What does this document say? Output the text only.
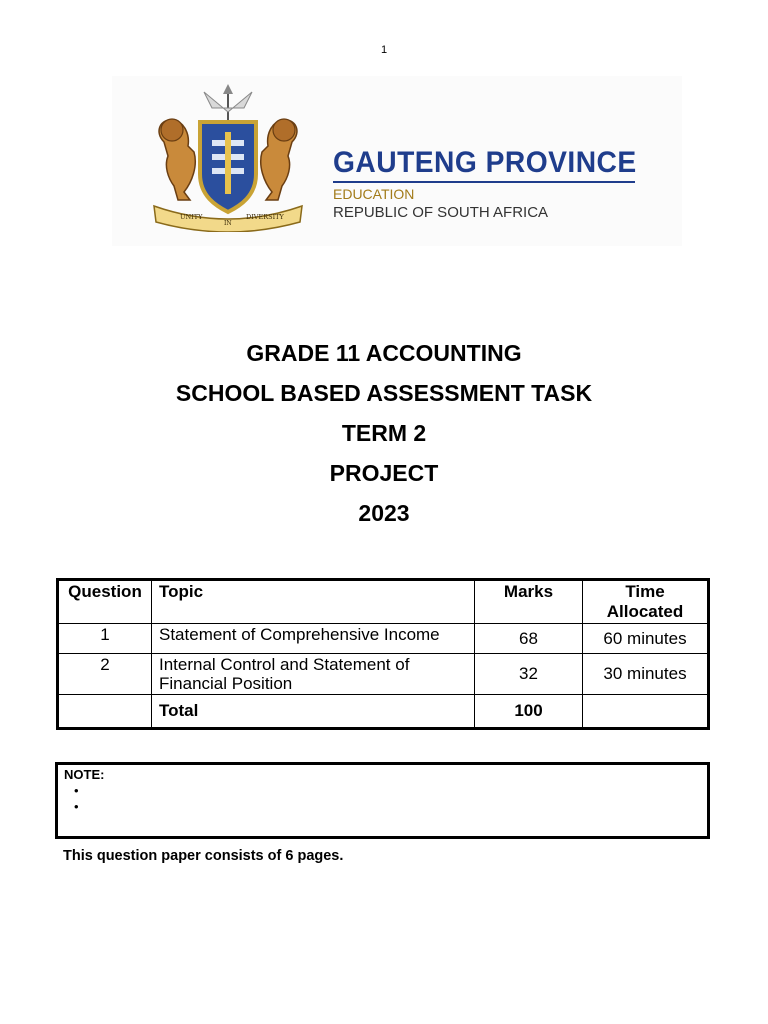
1
UNITY
IN
DIVERSITY
GAUTENG PROVINCE
EDUCATION
REPUBLIC OF SOUTH AFRICA
GRADE 11 ACCOUNTING
SCHOOL BASED ASSESSMENT TASK
TERM 2
PROJECT
2023
Question	Topic	Marks	Time
Allocated
1	Statement of Comprehensive Income	68	60 minutes
2	Internal Control and Statement of
Financial Position	32	30 minutes
	Total	100	
NOTE:
•
•
This question paper consists of 6 pages.
